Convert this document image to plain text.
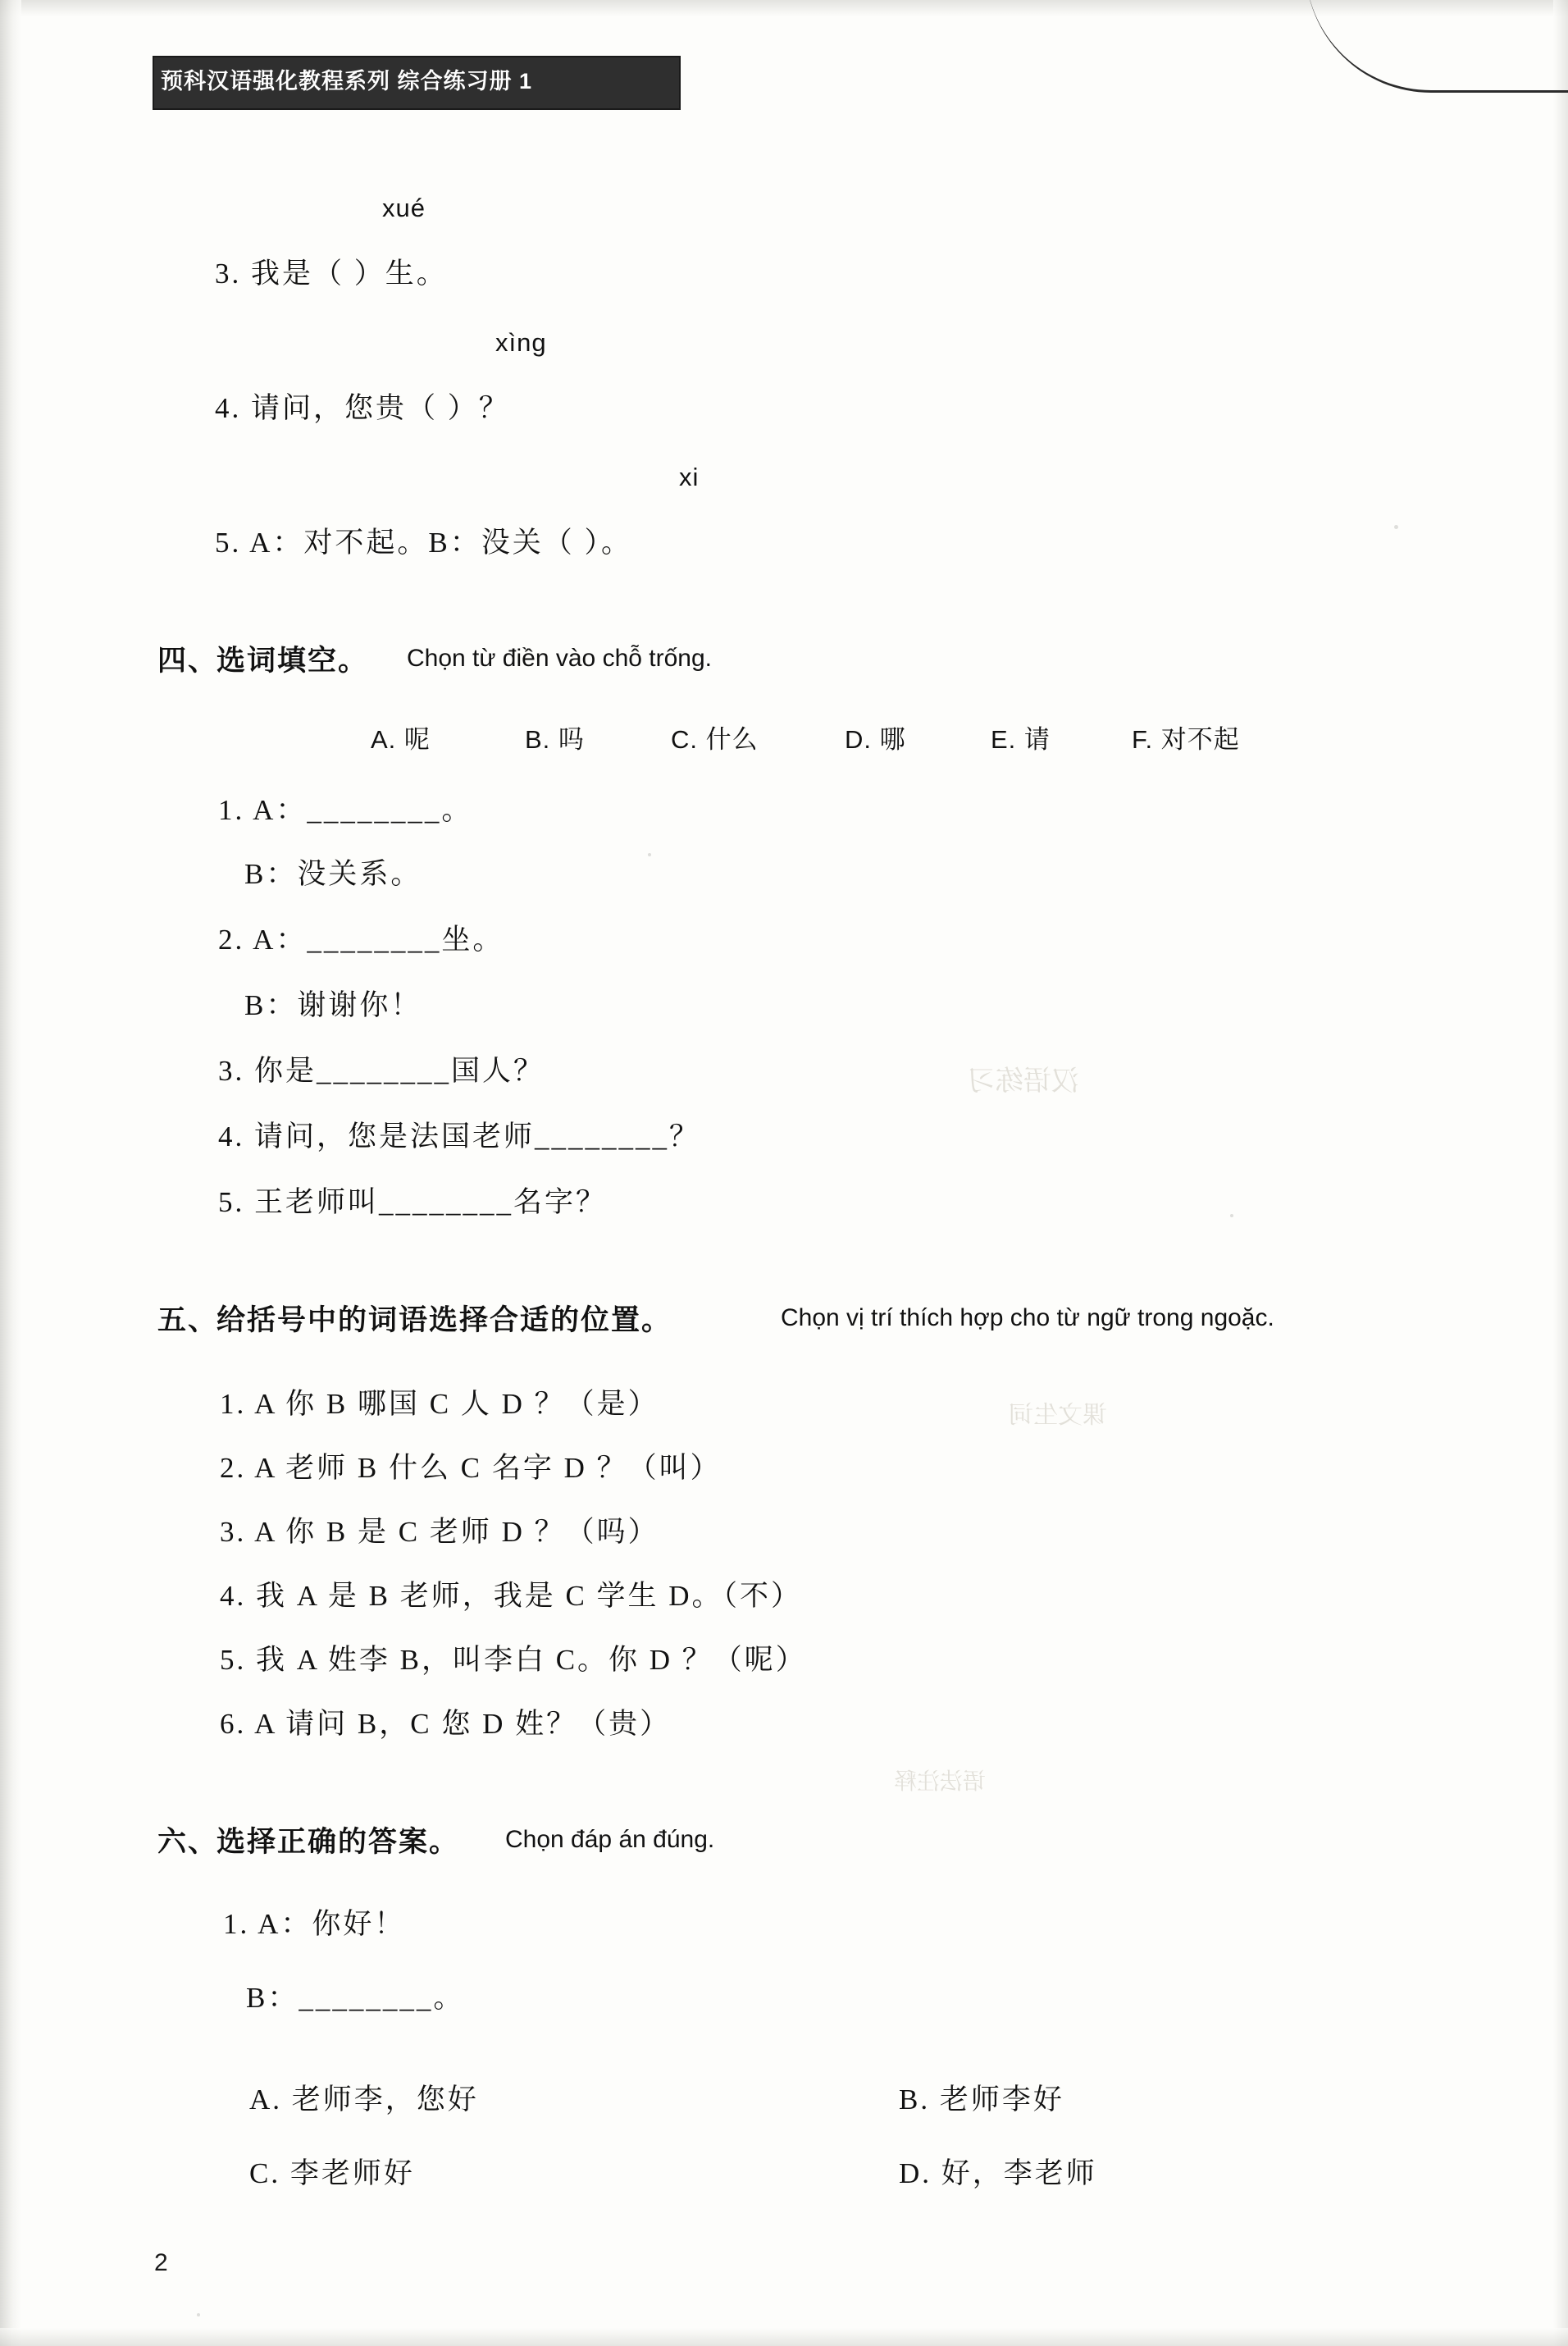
汉语练习
课文生词
语法注释
预科汉语强化教程系列 综合练习册 1
xué
3. 我是（ ）生。
xìng
4. 请问，您贵（ ）？
xi
5. A：对不起。B：没关（ ）。
四、
选词填空。 Chọn từ điền vào chỗ trống.
A. 呢	B. 吗	C. 什么	D. 哪	E. 请	F. 对不起
1. A：________。
B：没关系。
2. A：________坐。
B：谢谢你！
3. 你是________国人？
4. 请问，您是法国老师________？
5. 王老师叫________名字？
五、
给括号中的词语选择合适的位置。	Chọn vị trí thích hợp cho từ ngữ trong ngoặc.
1. A 你 B 哪国 C 人 D ？（是）
2. A 老师 B 什么 C 名字 D ？（叫）
3. A 你 B 是 C 老师 D ？（吗）
4. 我 A 是 B 老师，我是 C 学生 D。（不）
5. 我 A 姓李 B，叫李白 C。你 D ？（呢）
6. A 请问 B，C 您 D 姓？（贵）
六、
选择正确的答案。 Chọn đáp án đúng.
1. A：你好！
B：________。
A. 老师李，您好	B. 老师李好
C. 李老师好	D. 好，李老师
2
